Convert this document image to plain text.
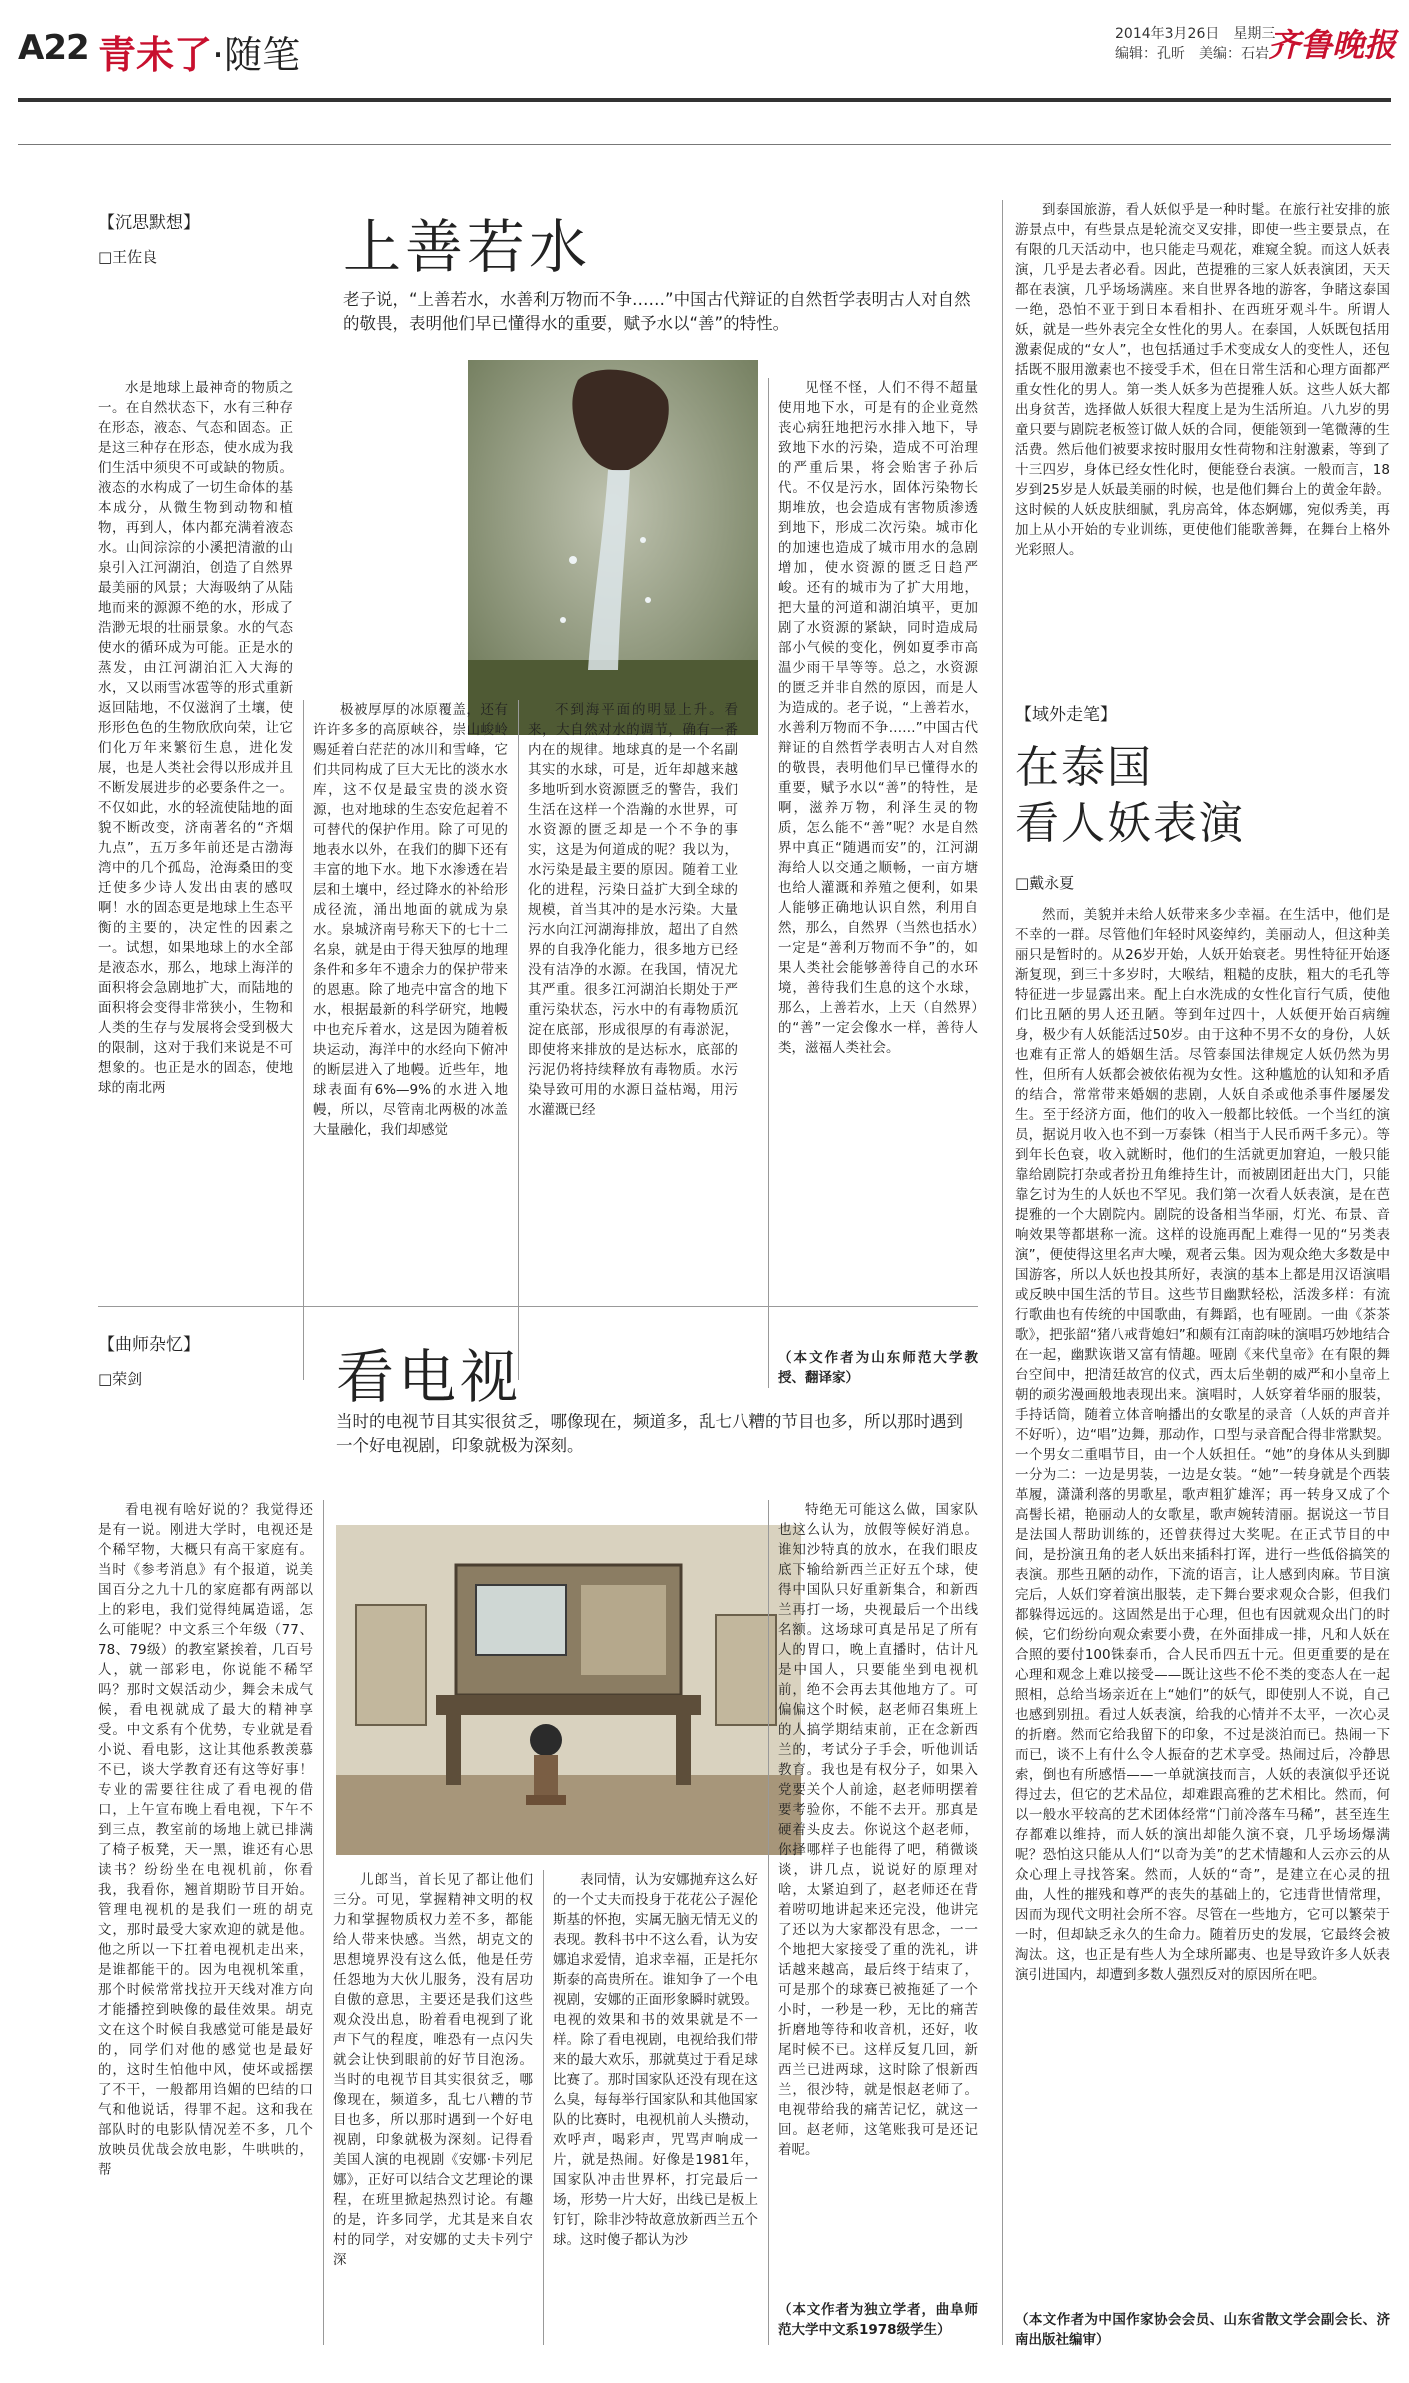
A22 青未了·随笔	2014年3月26日　星期三
编辑：孔昕　美编：石岩 齐鲁晚报
【沉思默想】
□王佐良	上善若水
老子说，“上善若水，水善利万物而不争……”中国古代辩证的自然哲学表明古人对自然的敬畏，表明他们早已懂得水的重要，赋予水以“善”的特性。

水是地球上最神奇的物质之一。在自然状态下，水有三种存在形态，液态、气态和固态。正是这三种存在形态，使水成为我们生活中须臾不可或缺的物质。液态的水构成了一切生命体的基本成分，从微生物到动物和植物，再到人，体内都充满着液态水。山间淙淙的小溪把清澈的山泉引入江河湖泊，创造了自然界最美丽的风景；大海吸纳了从陆地而来的源源不绝的水，形成了浩渺无垠的壮丽景象。水的气态使水的循环成为可能。正是水的蒸发，由江河湖泊汇入大海的水，又以雨雪冰雹等的形式重新返回陆地，不仅滋润了土壤，使形形色色的生物欣欣向荣，让它们化万年来繁衍生息，进化发展，也是人类社会得以形成并且不断发展进步的必要条件之一。不仅如此，水的轻流使陆地的面貌不断改变，济南著名的“齐烟九点”，五万多年前还是古渤海湾中的几个孤岛，沧海桑田的变迁使多少诗人发出由衷的感叹啊！水的固态更是地球上生态平衡的主要的，决定性的因素之一。试想，如果地球上的水全部是液态水，那么，地球上海洋的面积将会急剧地扩大，而陆地的面积将会变得非常狭小，生物和人类的生存与发展将会受到极大的限制，这对于我们来说是不可想象的。也正是水的固态，使地球的南北两

极被厚厚的冰原覆盖，还有许许多多的高原峡谷，崇山峻岭赐延着白茫茫的冰川和雪峰，它们共同构成了巨大无比的淡水水库，这不仅是最宝贵的淡水资源，也对地球的生态安危起着不可替代的保护作用。除了可见的地表水以外，在我们的脚下还有丰富的地下水。地下水渗透在岩层和土壤中，经过降水的补给形成径流，涌出地面的就成为泉水。泉城济南号称天下的七十二名泉，就是由于得天独厚的地理条件和多年不遗余力的保护带来的恩惠。除了地壳中富含的地下水，根据最新的科学研究，地幔中也充斥着水，这是因为随着板块运动，海洋中的水经向下俯冲的断层进入了地幔。近些年，地球表面有6%—9%的水进入地幔，所以，尽管南北两极的冰盖大量融化，我们却感觉

不到海平面的明显上升。看来，大自然对水的调节，确有一番内在的规律。地球真的是一个名副其实的水球，可是，近年却越来越多地听到水资源匮乏的警告，我们生活在这样一个浩瀚的水世界，可水资源的匮乏却是一个不争的事实，这是为何道成的呢？我以为，水污染是最主要的原因。随着工业化的进程，污染日益扩大到全球的规模，首当其冲的是水污染。大量污水向江河湖海排放，超出了自然界的自我净化能力，很多地方已经没有洁净的水源。在我国，情况尤其严重。很多江河湖泊长期处于严重污染状态，污水中的有毒物质沉淀在底部，形成很厚的有毒淤泥，即使将来排放的是达标水，底部的污泥仍将持续释放有毒物质。水污染导致可用的水源日益枯竭，用污水灌溉已经

见怪不怪，人们不得不超量使用地下水，可是有的企业竟然丧心病狂地把污水排入地下，导致地下水的污染，造成不可治理的严重后果，将会贻害子孙后代。不仅是污水，固体污染物长期堆放，也会造成有害物质渗透到地下，形成二次污染。城市化的加速也造成了城市用水的急剧增加，使水资源的匮乏日趋严峻。还有的城市为了扩大用地，把大量的河道和湖泊填平，更加剧了水资源的紧缺，同时造成局部小气候的变化，例如夏季市高温少雨干旱等等。总之，水资源的匮乏并非自然的原因，而是人为造成的。老子说，“上善若水，水善利万物而不争……”中国古代辩证的自然哲学表明古人对自然的敬畏，表明他们早已懂得水的重要，赋予水以“善”的特性，是啊，滋养万物，利泽生灵的物质，怎么能不“善”呢？水是自然界中真正“随遇而安”的，江河湖海给人以交通之顺畅，一亩方塘也给人灌溉和养殖之便利，如果人能够正确地认识自然，利用自然，那么，自然界（当然也括水）一定是“善利万物而不争”的，如果人类社会能够善待自己的水环境，善待我们生息的这个水球，那么，上善若水，上天（自然界）的“善”一定会像水一样，善待人类，滋福人类社会。

（本文作者为山东师范大学教授、翻译家）
【曲师杂忆】
□荣剑	看电视
当时的电视节目其实很贫乏，哪像现在，频道多，乱七八糟的节目也多，所以那时遇到一个好电视剧，印象就极为深刻。

看电视有啥好说的？我觉得还是有一说。刚进大学时，电视还是个稀罕物，大概只有高干家庭有。当时《参考消息》有个报道，说美国百分之九十几的家庭都有两部以上的彩电，我们觉得纯属造谣，怎么可能呢？中文系三个年级（77、78、79级）的教室紧挨着，几百号人，就一部彩电，你说能不稀罕吗？那时文娱活动少，舞会未成气候，看电视就成了最大的精神享受。中文系有个优势，专业就是看小说、看电影，这让其他系教羡慕不已，谈大学教育还有这等好事！专业的需要往往成了看电视的借口，上午宣布晚上看电视，下午不到三点，教室前的场地上就已排满了椅子板凳，天一黑，谁还有心思读书？纷纷坐在电视机前，你看我，我看你，翘首期盼节目开始。管理电视机的是我们一班的胡克文，那时最受大家欢迎的就是他。他之所以一下扛着电视机走出来，是谁都能干的。因为电视机笨重，那个时候常常找拉开天线对准方向才能播控到映像的最佳效果。胡克文在这个时候自我感觉可能是最好的，同学们对他的感觉也是最好的，这时生怕他中风，使坏或摇摆了不干，一般都用诌媚的巴结的口气和他说话，得罪不起。这和我在部队时的电影队情况差不多，几个放映员优哉会放电影，牛哄哄的，帮

儿郎当，首长见了都让他们三分。可见，掌握精神文明的权力和掌握物质权力差不多，都能给人带来快感。当然，胡克文的思想境界没有这么低，他是任劳任怨地为大伙儿服务，没有居功自傲的意思，主要还是我们这些观众没出息，盼着看电视到了讹声下气的程度，唯恐有一点闪失就会让快到眼前的好节目泡汤。当时的电视节目其实很贫乏，哪像现在，频道多，乱七八糟的节目也多，所以那时遇到一个好电视剧，印象就极为深刻。记得看美国人演的电视剧《安娜·卡列尼娜》，正好可以结合文艺理论的课程，在班里掀起热烈讨论。有趣的是，许多同学，尤其是来自农村的同学，对安娜的丈夫卡列宁深

表同情，认为安娜抛弃这么好的一个丈夫而投身于花花公子渥伦斯基的怀抱，实属无脑无情无义的表现。教科书中不这么看，认为安娜追求爱情，追求幸福，正是托尔斯泰的高贵所在。谁知争了一个电视剧，安娜的正面形象瞬时就毁。电视的效果和书的效果就是不一样。除了看电视剧，电视给我们带来的最大欢乐，那就莫过于看足球比赛了。那时国家队还没有现在这么臭，每每举行国家队和其他国家队的比赛时，电视机前人头攒动，欢呼声，喝彩声，咒骂声响成一片，就是热闹。好像是1981年，国家队冲击世界杯，打完最后一场，形势一片大好，出线已是板上钉钉，除非沙特故意放新西兰五个球。这时傻子都认为沙

特绝无可能这么做，国家队也这么认为，放假等候好消息。谁知沙特真的放水，在我们眼皮底下输给新西兰正好五个球，使得中国队只好重新集合，和新西兰再打一场，央视最后一个出线名额。这场球可真是吊足了所有人的胃口，晚上直播时，估计凡是中国人，只要能坐到电视机前，绝不会再去其他地方了。可偏偏这个时候，赵老师召集班上的人搞学期结束前，正在念新西兰的，考试分子手会，听他训话教育。我也是有权分子，如果入党要关个人前途，赵老师明摆着要考验你，不能不去开。那真是硬着头皮去。你说这个赵老师，你择哪样子也能得了吧，稍微谈谈，讲几点，说说好的原理对啥，太紧迫到了，赵老师还在背着唠叨地讲起来还完没，他讲完了还以为大家都没有思念，一一个地把大家接受了重的洗礼，讲话越来越高，最后终于结束了，可是那个的球赛已被拖延了一个小时，一秒是一秒，无比的痛苦折磨地等待和收音机，还好，收尾时候不已。这样反复几回，新西兰已进两球，这时除了恨新西兰，很沙特，就是恨赵老师了。电视带给我的痛苦记忆，就这一回。赵老师，这笔账我可是还记着呢。

（本文作者为独立学者，曲阜师范大学中文系1978级学生）

到泰国旅游，看人妖似乎是一种时髦。在旅行社安排的旅游景点中，有些景点是轮流交叉安排，即使一些主要景点，在有限的几天活动中，也只能走马观花，难窥全貌。而这人妖表演，几乎是去者必看。因此，芭提雅的三家人妖表演团，天天都在表演，几乎场场满座。来自世界各地的游客，争睹这泰国一绝，恐怕不亚于到日本看相扑、在西班牙观斗牛。所谓人妖，就是一些外表完全女性化的男人。在泰国，人妖既包括用激素促成的“女人”，也包括通过手术变成女人的变性人，还包括既不服用激素也不接受手术，但在日常生活和心理方面都严重女性化的男人。第一类人妖多为芭提雅人妖。这些人妖大都出身贫苦，选择做人妖很大程度上是为生活所迫。八九岁的男童只要与剧院老板签订做人妖的合同，便能领到一笔微薄的生活费。然后他们被要求按时服用女性荷物和注射激素，等到了十三四岁，身体已经女性化时，便能登台表演。一般而言，18岁到25岁是人妖最美丽的时候，也是他们舞台上的黄金年龄。这时候的人妖皮肤细腻，乳房高耸，体态婀娜，宛似秀美，再加上从小开始的专业训练，更使他们能歌善舞，在舞台上格外光彩照人。

【域外走笔】
在泰国
看人妖表演
□戴永夏

然而，美貌并未给人妖带来多少幸福。在生活中，他们是不幸的一群。尽管他们年轻时风姿绰约，美丽动人，但这种美丽只是暂时的。从26岁开始，人妖开始衰老。男性特征开始逐渐复现，到三十多岁时，大喉结，粗糙的皮肤，粗大的毛孔等特征进一步显露出来。配上白水洗成的女性化盲行气质，使他们比丑陋的男人还丑陋。等到年过四十，人妖便开始百病缠身，极少有人妖能活过50岁。由于这种不男不女的身份，人妖也难有正常人的婚姻生活。尽管泰国法律规定人妖仍然为男性，但所有人妖都会被依佑视为女性。这种尴尬的认知和矛盾的结合，常常带来婚姻的悲剧，人妖自杀或他杀事件屡屡发生。至于经济方面，他们的收入一般都比较低。一个当红的演员，据说月收入也不到一万泰铢（相当于人民币两千多元）。等到年长色衰，收入就断时，他们的生活就更加窘迫，一般只能靠给剧院打杂或者扮丑角维持生计，而被剧团赶出大门，只能靠乞讨为生的人妖也不罕见。我们第一次看人妖表演，是在芭提雅的一个大剧院内。剧院的设备相当华丽，灯光、布景、音响效果等都堪称一流。这样的设施再配上难得一见的“另类表演”，便使得这里名声大噪，观者云集。因为观众绝大多数是中国游客，所以人妖也投其所好，表演的基本上都是用汉语演唱或反映中国生活的节目。这些节目幽默轻松，活泼多样：有流行歌曲也有传统的中国歌曲，有舞蹈，也有哑剧。一曲《茶茶歌》，把张韶“猪八戒背媳妇”和颇有江南韵味的演唱巧妙地结合在一起，幽默诙谐又富有情趣。哑剧《来代皇帝》在有限的舞台空间中，把清廷故宫的仪式，西太后坐朝的威严和小皇帝上朝的顽劣漫画般地表现出来。演唱时，人妖穿着华丽的服装，手持话筒，随着立体音响播出的女歌星的录音（人妖的声音并不好听），边“唱”边舞，那动作，口型与录音配合得非常默契。一个男女二重唱节目，由一个人妖担任。“她”的身体从头到脚一分为二：一边是男装，一边是女装。“她”一转身就是个西装革履，潇潇利落的男歌星，歌声粗犷雄浑；再一转身又成了个高髻长裙，艳丽动人的女歌星，歌声婉转清丽。据说这一节目是法国人帮助训练的，还曾获得过大奖呢。在正式节目的中间，是扮演丑角的老人妖出来插科打诨，进行一些低俗搞笑的表演。那些丑陋的动作，下流的语言，让人感到肉麻。节目演完后，人妖们穿着演出服装，走下舞台要求观众合影，但我们都躲得远远的。这固然是出于心理，但也有因就观众出门的时候，它们纷纷向观众索要小费，在外面排成一排，凡和人妖在合照的要付100铢泰币，合人民币四五十元。但更重要的是在心理和观念上难以接受——既让这些不伦不类的变态人在一起照相，总给当场亲近在上“她们”的妖气，即使别人不说，自己也感到别扭。看过人妖表演，给我的心情并不太平，一次心灵的折磨。然而它给我留下的印象，不过是淡泊而已。热闹一下而已，谈不上有什么令人振奋的艺术享受。热闹过后，冷静思索，倒也有所感悟——一单就演技而言，人妖的表演似乎还说得过去，但它的艺术品位，却难跟高雅的艺术相比。然而，何以一般水平较高的艺术团体经常“门前冷落车马稀”，甚至连生存都难以维持，而人妖的演出却能久演不衰，几乎场场爆满呢？恐怕这只能从人们“以奇为美”的艺术情趣和人云亦云的从众心理上寻找答案。然而，人妖的“奇”，是建立在心灵的扭曲，人性的摧残和尊严的丧失的基础上的，它违背世情常理，因而为现代文明社会所不容。尽管在一些地方，它可以繁荣于一时，但却缺乏永久的生命力。随着历史的发展，它最终会被淘汰。这，也正是有些人为全球所鄙夷、也是导致许多人妖表演引进国内，却遭到多数人强烈反对的原因所在吧。

（本文作者为中国作家协会会员、山东省散文学会副会长、济南出版社编审）
